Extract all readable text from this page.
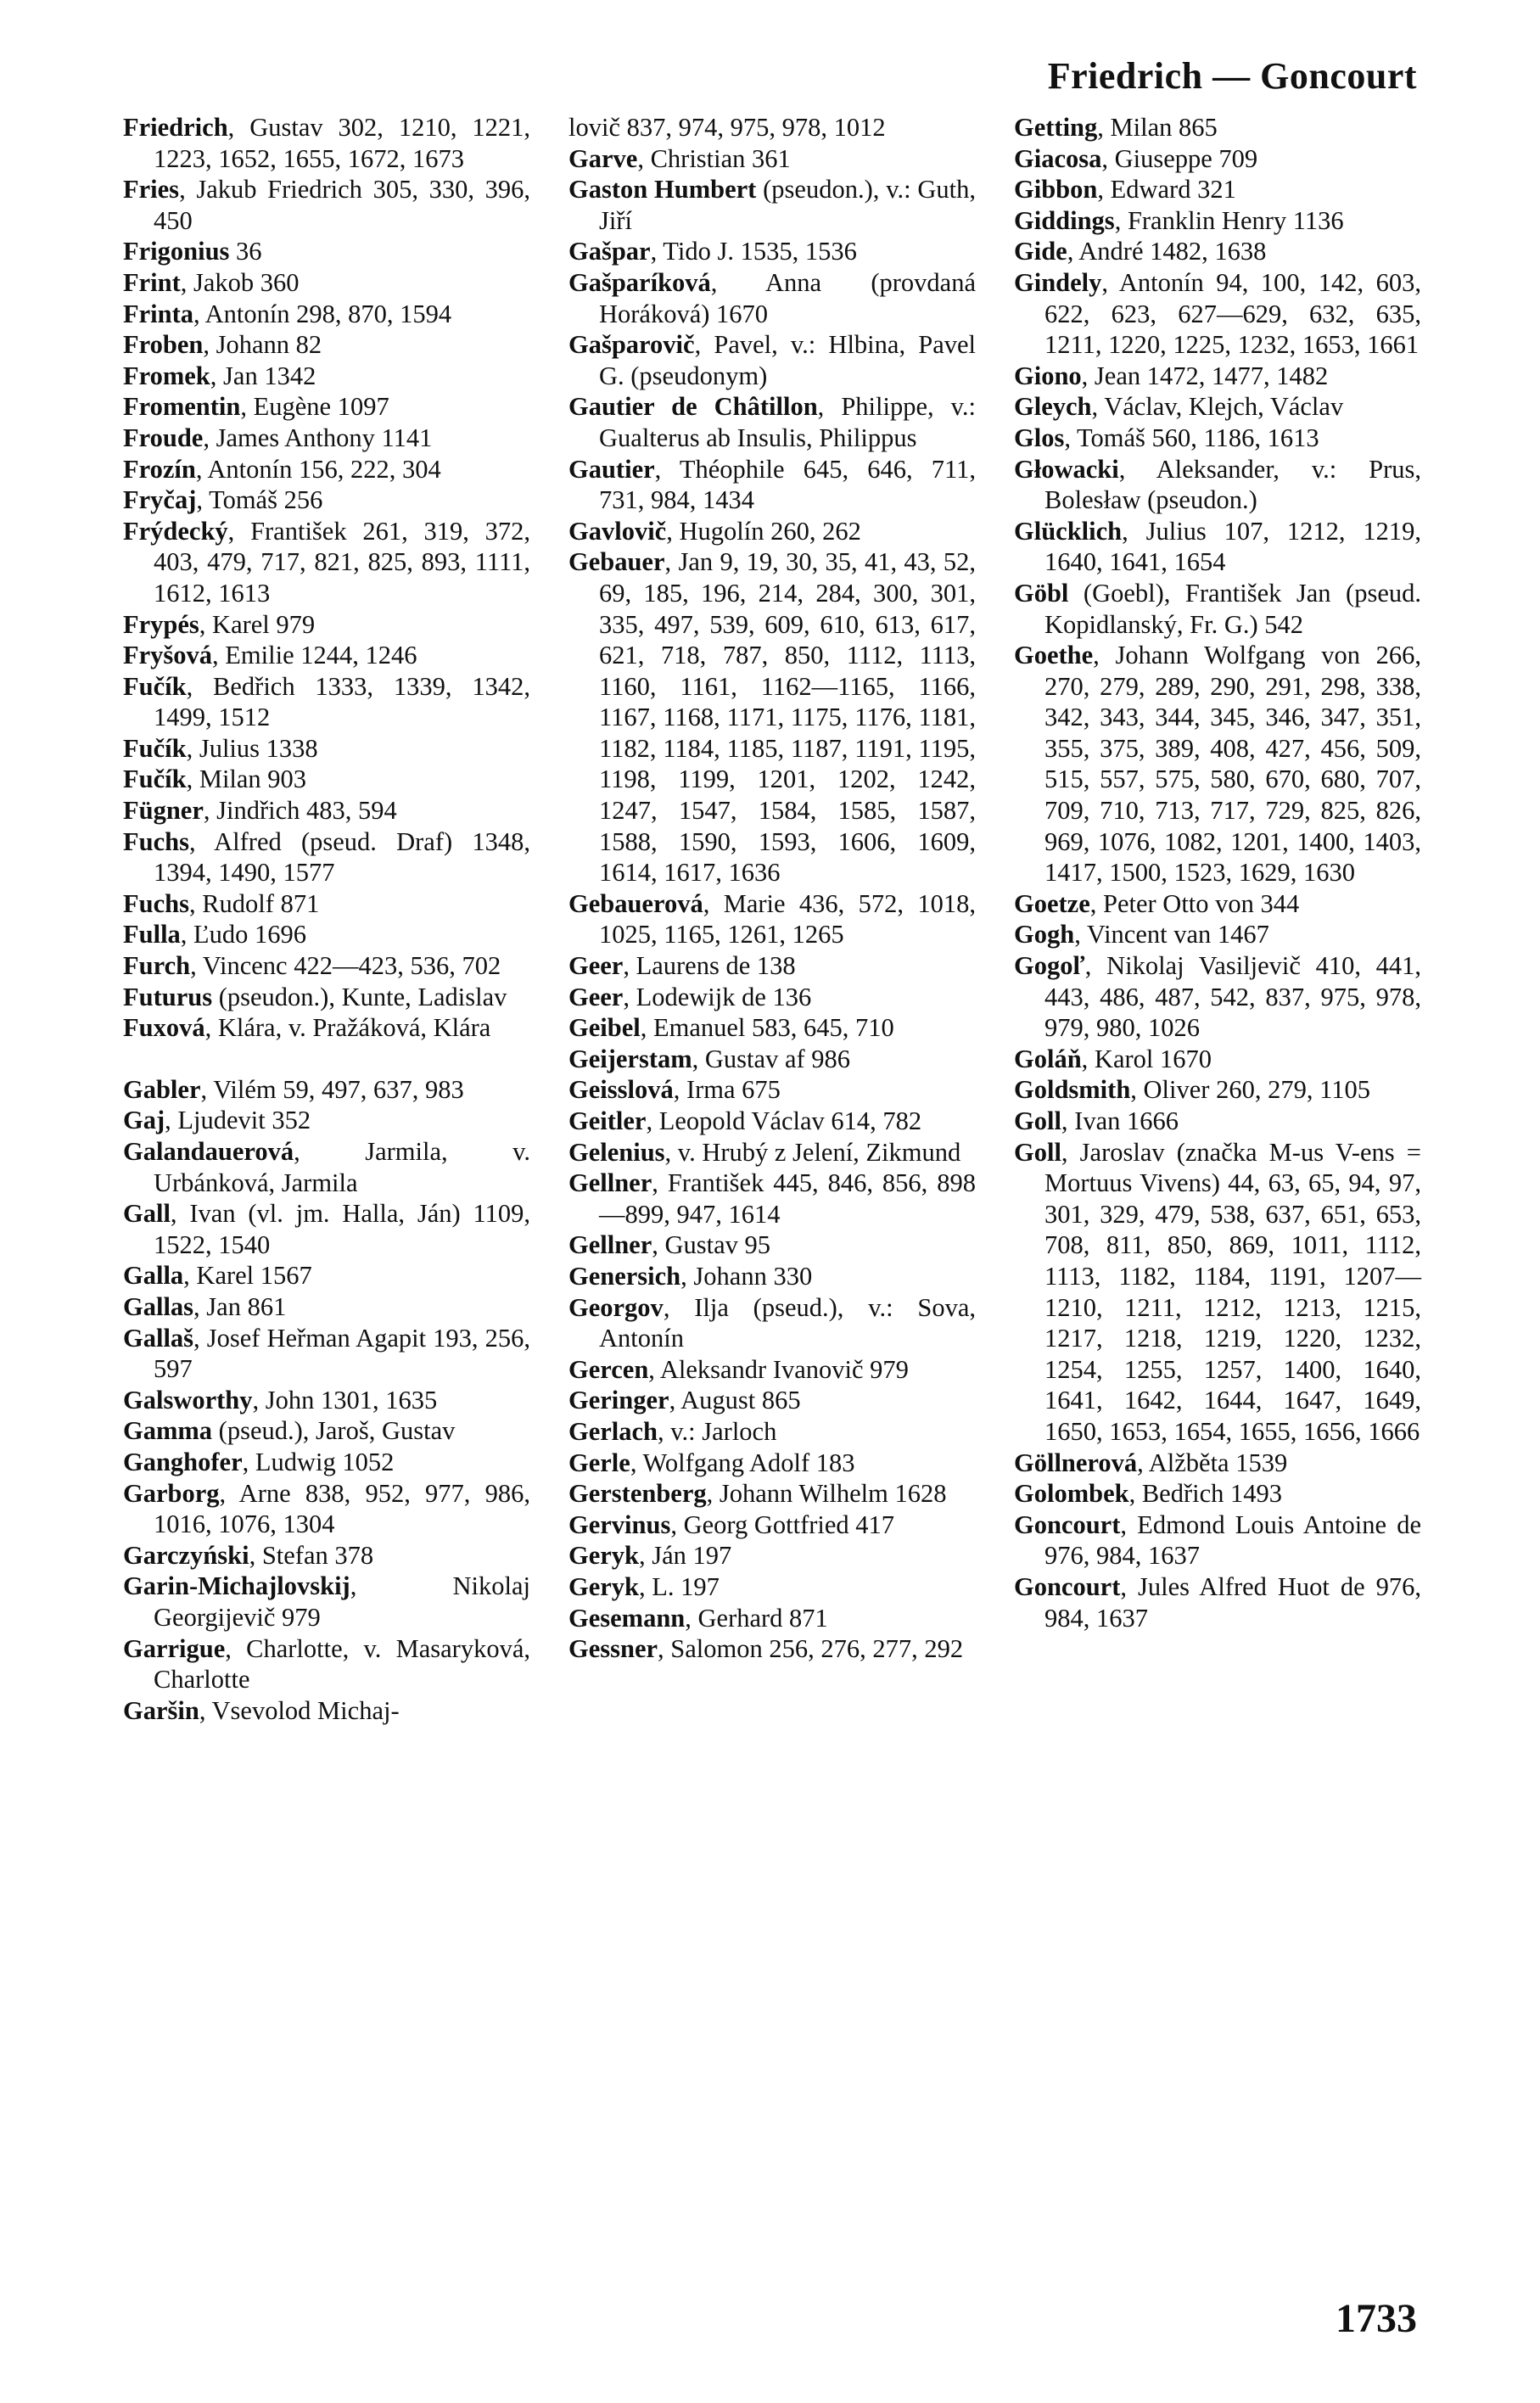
Friedrich — Goncourt
Friedrich, Gustav 302, 1210, 1221, 1223, 1652, 1655, 1672, 1673
Fries, Jakub Friedrich 305, 330, 396, 450
Frigonius 36
Frint, Jakob 360
Frinta, Antonín 298, 870, 1594
Froben, Johann 82
Fromek, Jan 1342
Fromentin, Eugène 1097
Froude, James Anthony 1141
Frozín, Antonín 156, 222, 304
Fryčaj, Tomáš 256
Frýdecký, František 261, 319, 372, 403, 479, 717, 821, 825, 893, 1111, 1612, 1613
Frypés, Karel 979
Fryšová, Emilie 1244, 1246
Fučík, Bedřich 1333, 1339, 1342, 1499, 1512
Fučík, Julius 1338
Fučík, Milan 903
Fügner, Jindřich 483, 594
Fuchs, Alfred (pseud. Draf) 1348, 1394, 1490, 1577
Fuchs, Rudolf 871
Fulla, Ľudo 1696
Furch, Vincenc 422—423, 536, 702
Futurus (pseudon.), Kunte, Ladislav
Fuxová, Klára, v. Pražáková, Klára
Gabler, Vilém 59, 497, 637, 983
Gaj, Ljudevit 352
Galandauerová, Jarmila, v. Urbánková, Jarmila
Gall, Ivan (vl. jm. Halla, Ján) 1109, 1522, 1540
Galla, Karel 1567
Gallas, Jan 861
Gallaš, Josef Heřman Agapit 193, 256, 597
Galsworthy, John 1301, 1635
Gamma (pseud.), Jaroš, Gustav
Ganghofer, Ludwig 1052
Garborg, Arne 838, 952, 977, 986, 1016, 1076, 1304
Garczyński, Stefan 378
Garin-Michajlovskij, Nikolaj Georgijevič 979
Garrigue, Charlotte, v. Masaryková, Charlotte
Garšin, Vsevolod Michaj-
lovič 837, 974, 975, 978, 1012
Garve, Christian 361
Gaston Humbert (pseudon.), v.: Guth, Jiří
Gašpar, Tido J. 1535, 1536
Gašparíková, Anna (provdaná Horáková) 1670
Gašparovič, Pavel, v.: Hlbina, Pavel G. (pseudonym)
Gautier de Châtillon, Philippe, v.: Gualterus ab Insulis, Philippus
Gautier, Théophile 645, 646, 711, 731, 984, 1434
Gavlovič, Hugolín 260, 262
Gebauer, Jan 9, 19, 30, 35, 41, 43, 52, 69, 185, 196, 214, 284, 300, 301, 335, 497, 539, 609, 610, 613, 617, 621, 718, 787, 850, 1112, 1113, 1160, 1161, 1162—1165, 1166, 1167, 1168, 1171, 1175, 1176, 1181, 1182, 1184, 1185, 1187, 1191, 1195, 1198, 1199, 1201, 1202, 1242, 1247, 1547, 1584, 1585, 1587, 1588, 1590, 1593, 1606, 1609, 1614, 1617, 1636
Gebauerová, Marie 436, 572, 1018, 1025, 1165, 1261, 1265
Geer, Laurens de 138
Geer, Lodewijk de 136
Geibel, Emanuel 583, 645, 710
Geijerstam, Gustav af 986
Geisslová, Irma 675
Geitler, Leopold Václav 614, 782
Gelenius, v. Hrubý z Jelení, Zikmund
Gellner, František 445, 846, 856, 898—899, 947, 1614
Gellner, Gustav 95
Genersich, Johann 330
Georgov, Ilja (pseud.), v.: Sova, Antonín
Gercen, Aleksandr Ivanovič 979
Geringer, August 865
Gerlach, v.: Jarloch
Gerle, Wolfgang Adolf 183
Gerstenberg, Johann Wilhelm 1628
Gervinus, Georg Gottfried 417
Geryk, Ján 197
Geryk, L. 197
Gesemann, Gerhard 871
Gessner, Salomon 256, 276, 277, 292
Getting, Milan 865
Giacosa, Giuseppe 709
Gibbon, Edward 321
Giddings, Franklin Henry 1136
Gide, André 1482, 1638
Gindely, Antonín 94, 100, 142, 603, 622, 623, 627—629, 632, 635, 1211, 1220, 1225, 1232, 1653, 1661
Giono, Jean 1472, 1477, 1482
Gleych, Václav, Klejch, Václav
Glos, Tomáš 560, 1186, 1613
Głowacki, Aleksander, v.: Prus, Bolesław (pseudon.)
Glücklich, Julius 107, 1212, 1219, 1640, 1641, 1654
Göbl (Goebl), František Jan (pseud. Kopidlanský, Fr. G.) 542
Goethe, Johann Wolfgang von 266, 270, 279, 289, 290, 291, 298, 338, 342, 343, 344, 345, 346, 347, 351, 355, 375, 389, 408, 427, 456, 509, 515, 557, 575, 580, 670, 680, 707, 709, 710, 713, 717, 729, 825, 826, 969, 1076, 1082, 1201, 1400, 1403, 1417, 1500, 1523, 1629, 1630
Goetze, Peter Otto von 344
Gogh, Vincent van 1467
Gogoľ, Nikolaj Vasiljevič 410, 441, 443, 486, 487, 542, 837, 975, 978, 979, 980, 1026
Goláň, Karol 1670
Goldsmith, Oliver 260, 279, 1105
Goll, Ivan 1666
Goll, Jaroslav (značka M-us V-ens = Mortuus Vivens) 44, 63, 65, 94, 97, 301, 329, 479, 538, 637, 651, 653, 708, 811, 850, 869, 1011, 1112, 1113, 1182, 1184, 1191, 1207—1210, 1211, 1212, 1213, 1215, 1217, 1218, 1219, 1220, 1232, 1254, 1255, 1257, 1400, 1640, 1641, 1642, 1644, 1647, 1649, 1650, 1653, 1654, 1655, 1656, 1666
Göllnerová, Alžběta 1539
Golombek, Bedřich 1493
Goncourt, Edmond Louis Antoine de 976, 984, 1637
Goncourt, Jules Alfred Huot de 976, 984, 1637
1733
